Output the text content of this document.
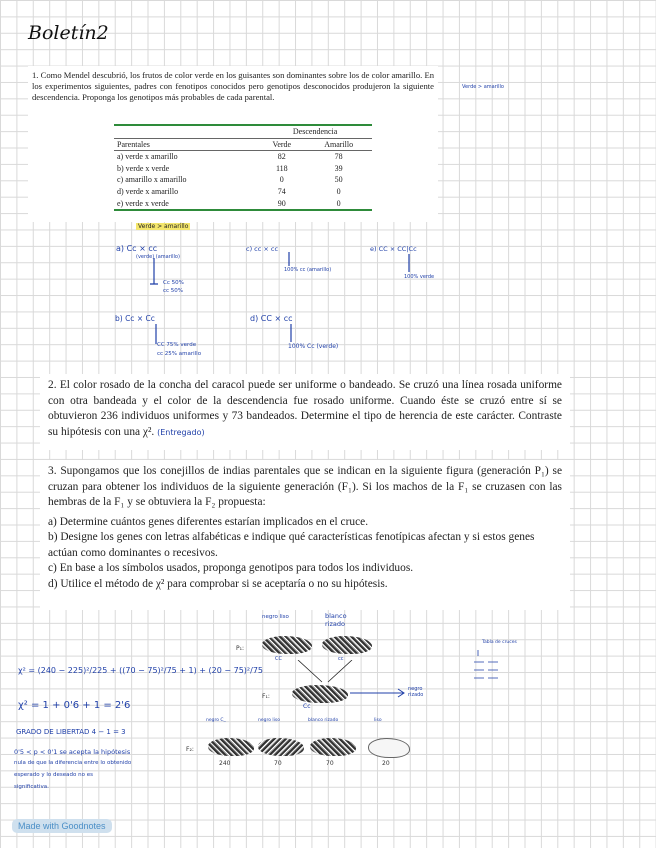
Boletín2

1. Como Mendel descubrió, los frutos de color verde en los guisantes son dominantes sobre los de color amarillo. En los experimentos siguientes, padres con fenotipos conocidos pero genotipos desconocidos produjeron la siguiente descendencia. Proponga los genotipos más probables de cada parental.

	Descendencia	
Parentales	Verde	Amarillo
a) verde x amarillo	82	78
b) verde x verde	118	39
c) amarillo x amarillo	0	50
d) verde x amarillo	74	0
e) verde x verde	90	0
Verde > amarillo
Verde > amarillo
a) Cc × cc
(verde) (amarillo)
Cc 50%
cc 50%
c) cc × cc
100% cc (amarillo)
e) CC × CC|Cc
100% verde
b) Cc × Cc
CC 75% verde
cc 25% amarillo
d) CC × cc
100% Cc (verde)

2. El color rosado de la concha del caracol puede ser uniforme o bandeado. Se cruzó una línea rosada uniforme con otra bandeada y el color de la descendencia fue rosado uniforme. Cuando éste se cruzó entre sí se obtuvieron 236 individuos uniformes y 73 bandeados. Determine el tipo de herencia de este carácter. Contraste su hipótesis con una χ². (Entregado)

3. Supongamos que los conejillos de indias parentales que se indican en la siguiente figura (generación P₁) se cruzan para obtener los individuos de la siguiente generación (F₁). Si los machos de la F₁ se cruzasen con las hembras de la F₁ y se obtuviera la F₂ propuesta:

a) Determine cuántos genes diferentes estarían implicados en el cruce.
b) Designe los genes con letras alfabéticas e indique qué características fenotípicas afectan y si estos genes actúan como dominantes o recesivos.
c) En base a los símbolos usados, proponga genotipos para todos los individuos.
d) Utilice el método de χ² para comprobar si se aceptaría o no su hipótesis.
negro liso	blanco rizado
P₁:
CC	cc
F₁:
Cc
negro rizado
Tabla de cruces
F₂:
negro C_	negro liso	blanco rizado	liso
240	70	70	20
χ² = (240 − 225)²/225 + ((70 − 75)²/75 + 1) + (20 − 75)²/75
χ² = 1 + 0'6 + 1 = 2'6
GRADO DE LIBERTAD 4 − 1 = 3
0'5 < p < 0'1 se acepta la hipótesis
nula de que la diferencia entre lo obtenido
esperado y lo deseado no es
significativa.
Made with Goodnotes
